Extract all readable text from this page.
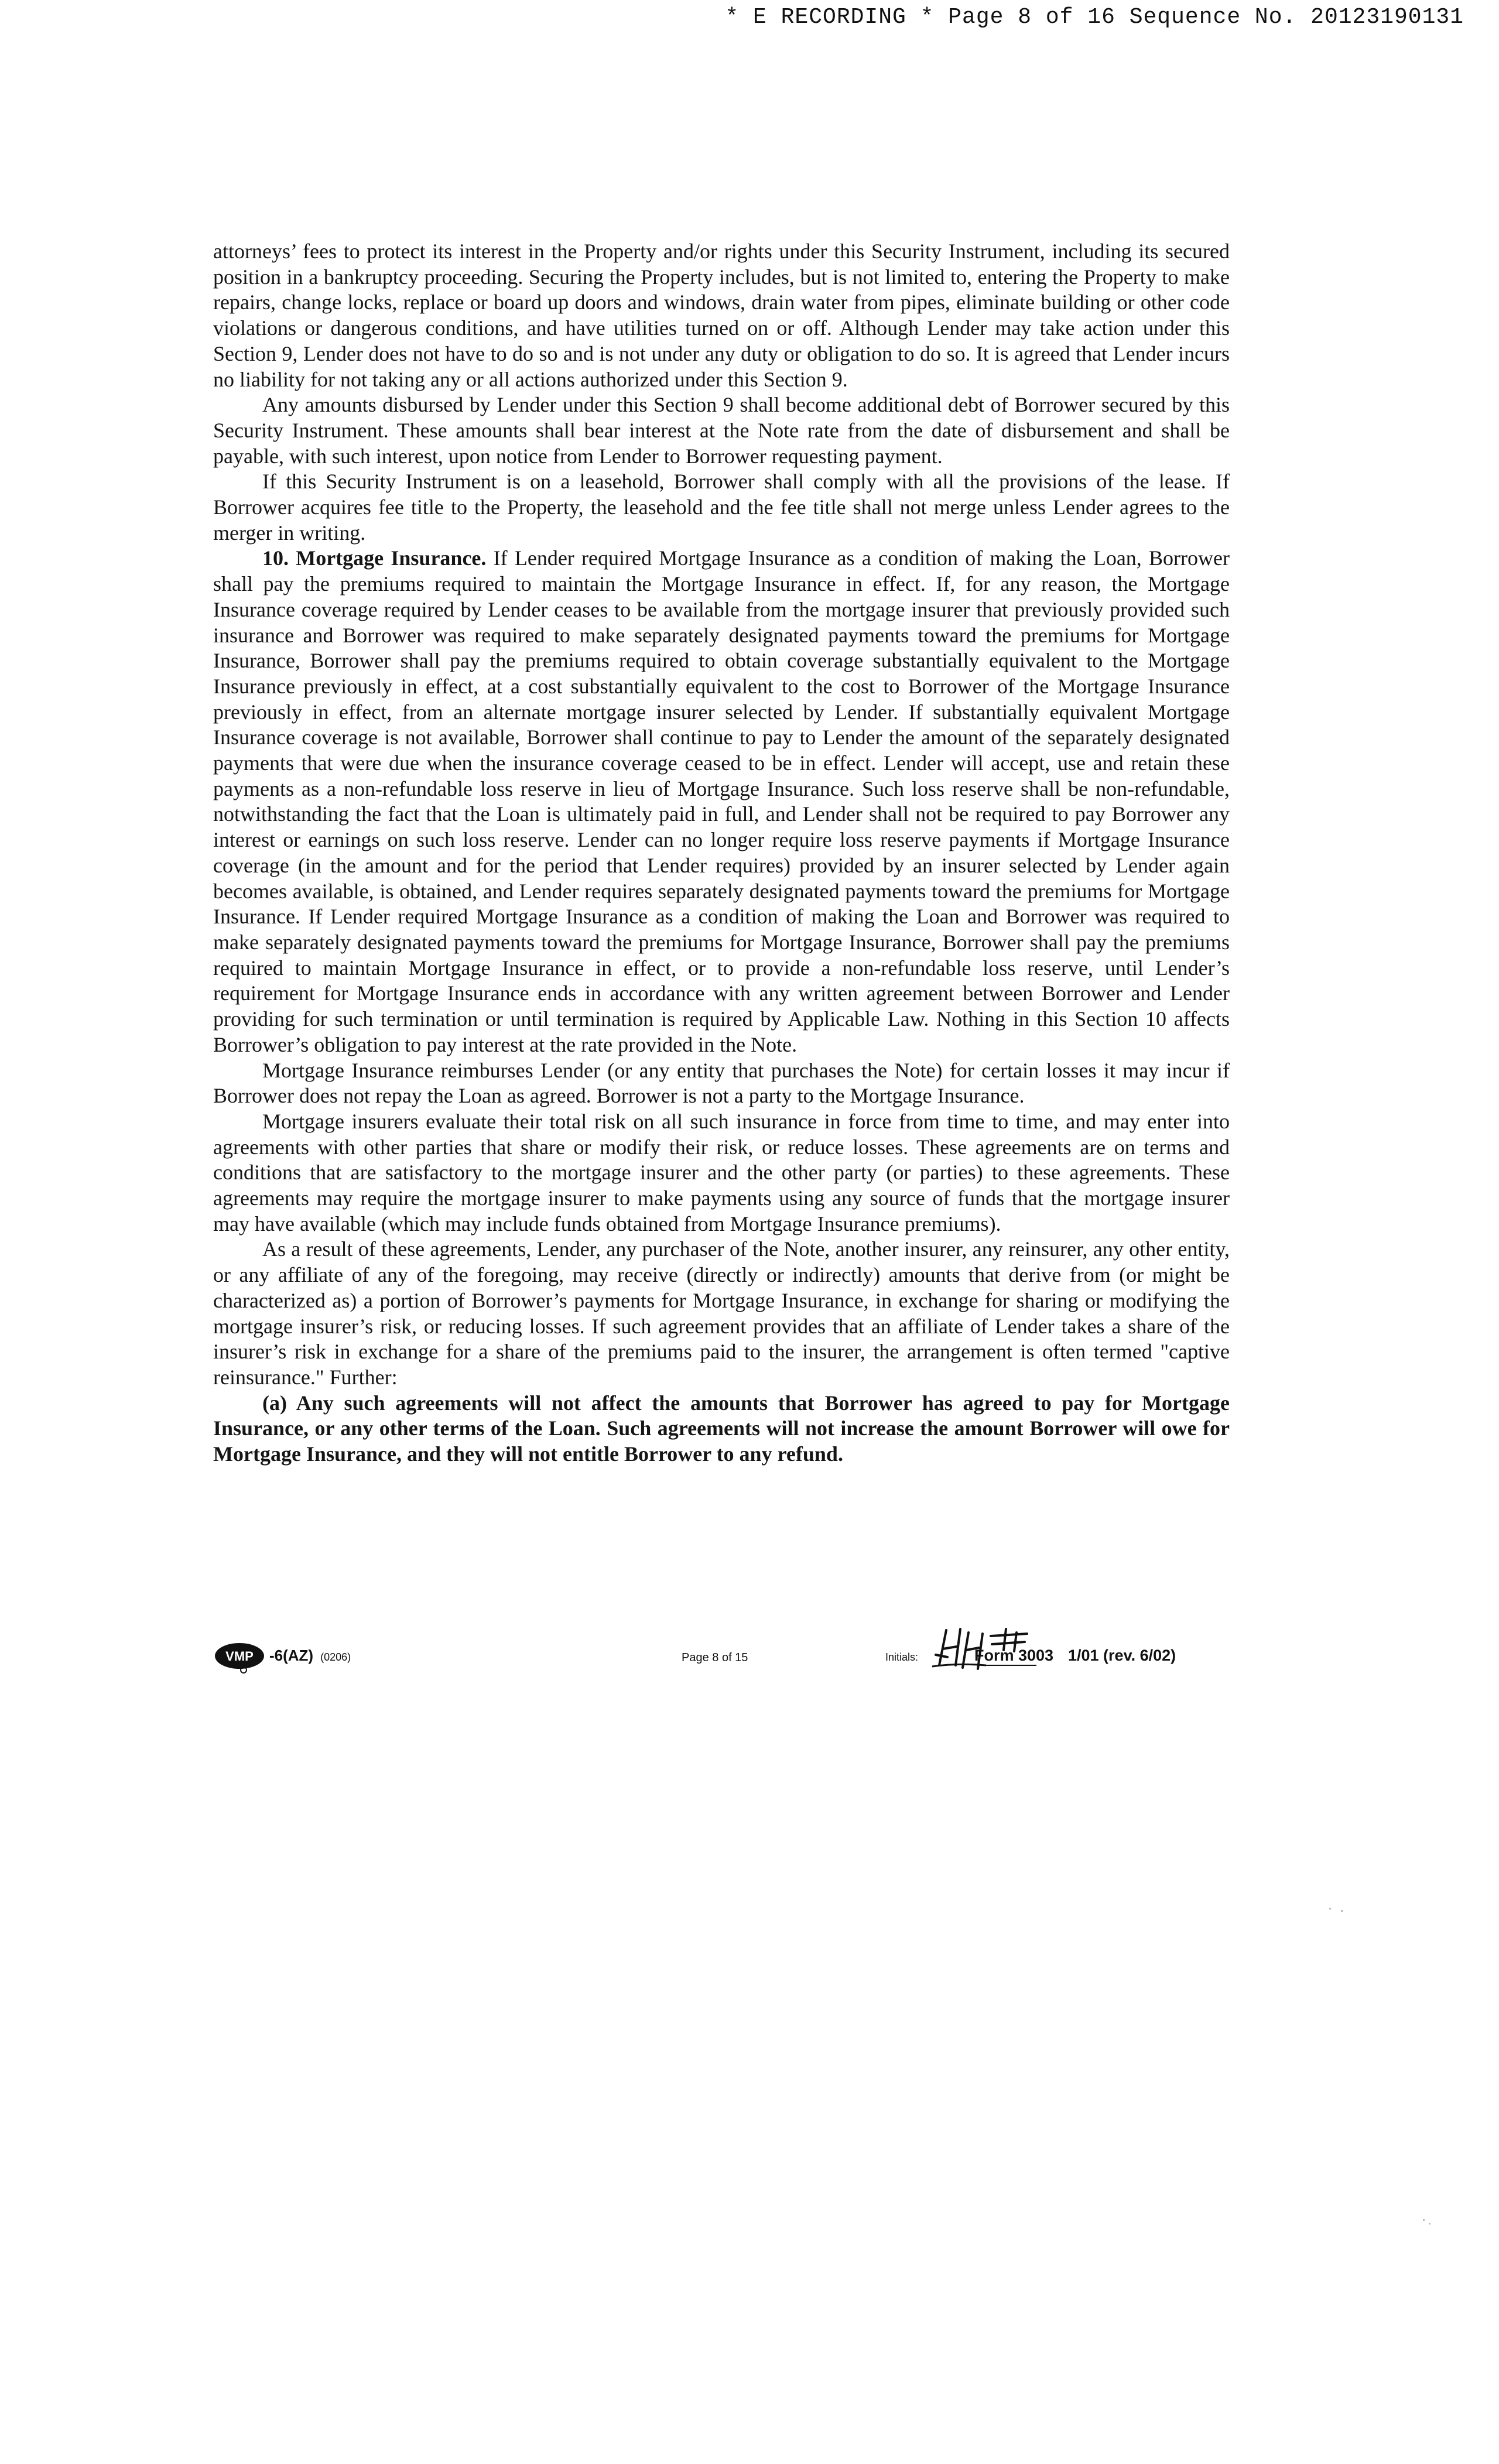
* E RECORDING * Page 8 of 16 Sequence No. 20123190131

attorneys’ fees to protect its interest in the Property and/or rights under this Security Instrument, including its secured position in a bankruptcy proceeding. Securing the Property includes, but is not limited to, entering the Property to make repairs, change locks, replace or board up doors and windows, drain water from pipes, eliminate building or other code violations or dangerous conditions, and have utilities turned on or off. Although Lender may take action under this Section 9, Lender does not have to do so and is not under any duty or obligation to do so. It is agreed that Lender incurs no liability for not taking any or all actions authorized under this Section 9.

Any amounts disbursed by Lender under this Section 9 shall become additional debt of Borrower secured by this Security Instrument. These amounts shall bear interest at the Note rate from the date of disbursement and shall be payable, with such interest, upon notice from Lender to Borrower requesting payment.

If this Security Instrument is on a leasehold, Borrower shall comply with all the provisions of the lease. If Borrower acquires fee title to the Property, the leasehold and the fee title shall not merge unless Lender agrees to the merger in writing.

10. Mortgage Insurance. If Lender required Mortgage Insurance as a condition of making the Loan, Borrower shall pay the premiums required to maintain the Mortgage Insurance in effect. If, for any reason, the Mortgage Insurance coverage required by Lender ceases to be available from the mortgage insurer that previously provided such insurance and Borrower was required to make separately designated payments toward the premiums for Mortgage Insurance, Borrower shall pay the premiums required to obtain coverage substantially equivalent to the Mortgage Insurance previously in effect, at a cost substantially equivalent to the cost to Borrower of the Mortgage Insurance previously in effect, from an alternate mortgage insurer selected by Lender. If substantially equivalent Mortgage Insurance coverage is not available, Borrower shall continue to pay to Lender the amount of the separately designated payments that were due when the insurance coverage ceased to be in effect. Lender will accept, use and retain these payments as a non-refundable loss reserve in lieu of Mortgage Insurance. Such loss reserve shall be non-refundable, notwithstanding the fact that the Loan is ultimately paid in full, and Lender shall not be required to pay Borrower any interest or earnings on such loss reserve. Lender can no longer require loss reserve payments if Mortgage Insurance coverage (in the amount and for the period that Lender requires) provided by an insurer selected by Lender again becomes available, is obtained, and Lender requires separately designated payments toward the premiums for Mortgage Insurance. If Lender required Mortgage Insurance as a condition of making the Loan and Borrower was required to make separately designated payments toward the premiums for Mortgage Insurance, Borrower shall pay the premiums required to maintain Mortgage Insurance in effect, or to provide a non-refundable loss reserve, until Lender’s requirement for Mortgage Insurance ends in accordance with any written agreement between Borrower and Lender providing for such termination or until termination is required by Applicable Law. Nothing in this Section 10 affects Borrower’s obligation to pay interest at the rate provided in the Note.

Mortgage Insurance reimburses Lender (or any entity that purchases the Note) for certain losses it may incur if Borrower does not repay the Loan as agreed. Borrower is not a party to the Mortgage Insurance.

Mortgage insurers evaluate their total risk on all such insurance in force from time to time, and may enter into agreements with other parties that share or modify their risk, or reduce losses. These agreements are on terms and conditions that are satisfactory to the mortgage insurer and the other party (or parties) to these agreements. These agreements may require the mortgage insurer to make payments using any source of funds that the mortgage insurer may have available (which may include funds obtained from Mortgage Insurance premiums).

As a result of these agreements, Lender, any purchaser of the Note, another insurer, any reinsurer, any other entity, or any affiliate of any of the foregoing, may receive (directly or indirectly) amounts that derive from (or might be characterized as) a portion of Borrower’s payments for Mortgage Insurance, in exchange for sharing or modifying the mortgage insurer’s risk, or reducing losses. If such agreement provides that an affiliate of Lender takes a share of the insurer’s risk in exchange for a share of the premiums paid to the insurer, the arrangement is often termed "captive reinsurance." Further:

(a) Any such agreements will not affect the amounts that Borrower has agreed to pay for Mortgage Insurance, or any other terms of the Loan. Such agreements will not increase the amount Borrower will owe for Mortgage Insurance, and they will not entitle Borrower to any refund.

VMP -6(AZ) (0206)	Page 8 of 15	Initials:	Form 3003 1/01 (rev. 6/02)
